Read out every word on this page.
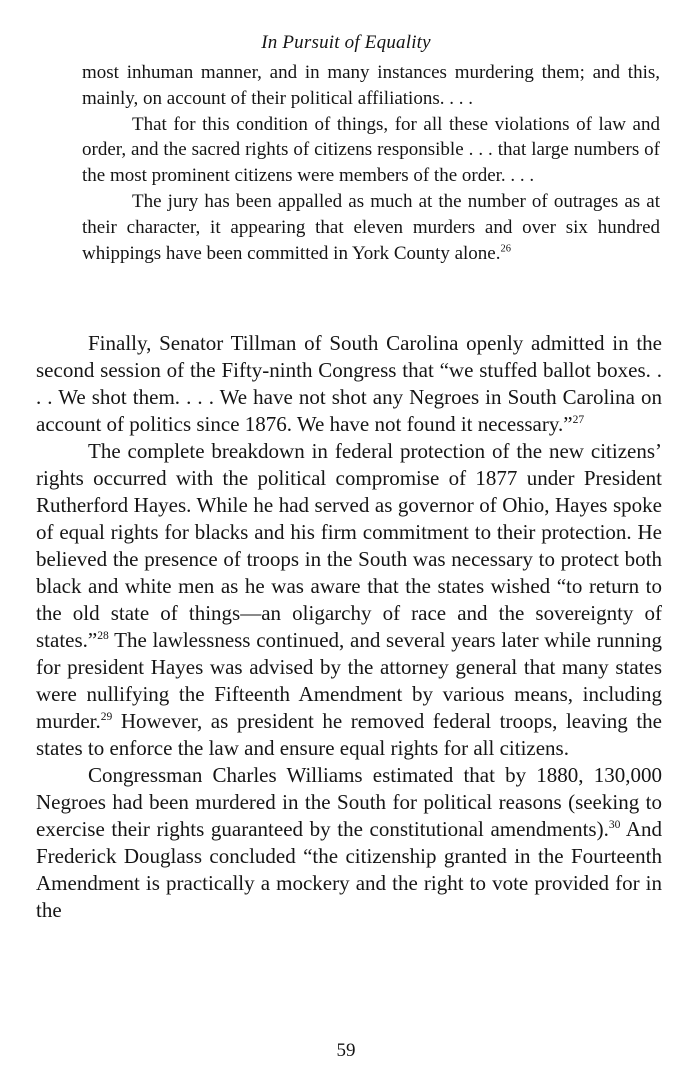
In Pursuit of Equality

most inhuman manner, and in many instances murdering them; and this, mainly, on account of their political affiliations. . . .

That for this condition of things, for all these violations of law and order, and the sacred rights of citizens responsible . . . that large numbers of the most prominent citizens were members of the order. . . .

The jury has been appalled as much at the number of outrages as at their character, it appearing that eleven murders and over six hundred whippings have been committed in York County alone.$^{26}$

Finally, Senator Tillman of South Carolina openly admitted in the second session of the Fifty-ninth Congress that “we stuffed ballot boxes. . . . We shot them. . . . We have not shot any Negroes in South Carolina on account of politics since 1876. We have not found it necessary.”$^{27}$

The complete breakdown in federal protection of the new citizens’ rights occurred with the political compromise of 1877 under President Rutherford Hayes. While he had served as governor of Ohio, Hayes spoke of equal rights for blacks and his firm commitment to their protection. He believed the presence of troops in the South was necessary to protect both black and white men as he was aware that the states wished “to return to the old state of things—an oligarchy of race and the sovereignty of states.”$^{28}$ The lawlessness continued, and several years later while running for president Hayes was advised by the attorney general that many states were nullifying the Fifteenth Amendment by various means, including murder.$^{29}$ However, as president he removed federal troops, leaving the states to enforce the law and ensure equal rights for all citizens.

Congressman Charles Williams estimated that by 1880, 130,000 Negroes had been murdered in the South for political reasons (seeking to exercise their rights guaranteed by the constitutional amendments).$^{30}$ And Frederick Douglass concluded “the citizenship granted in the Fourteenth Amendment is practically a mockery and the right to vote provided for in the

59
